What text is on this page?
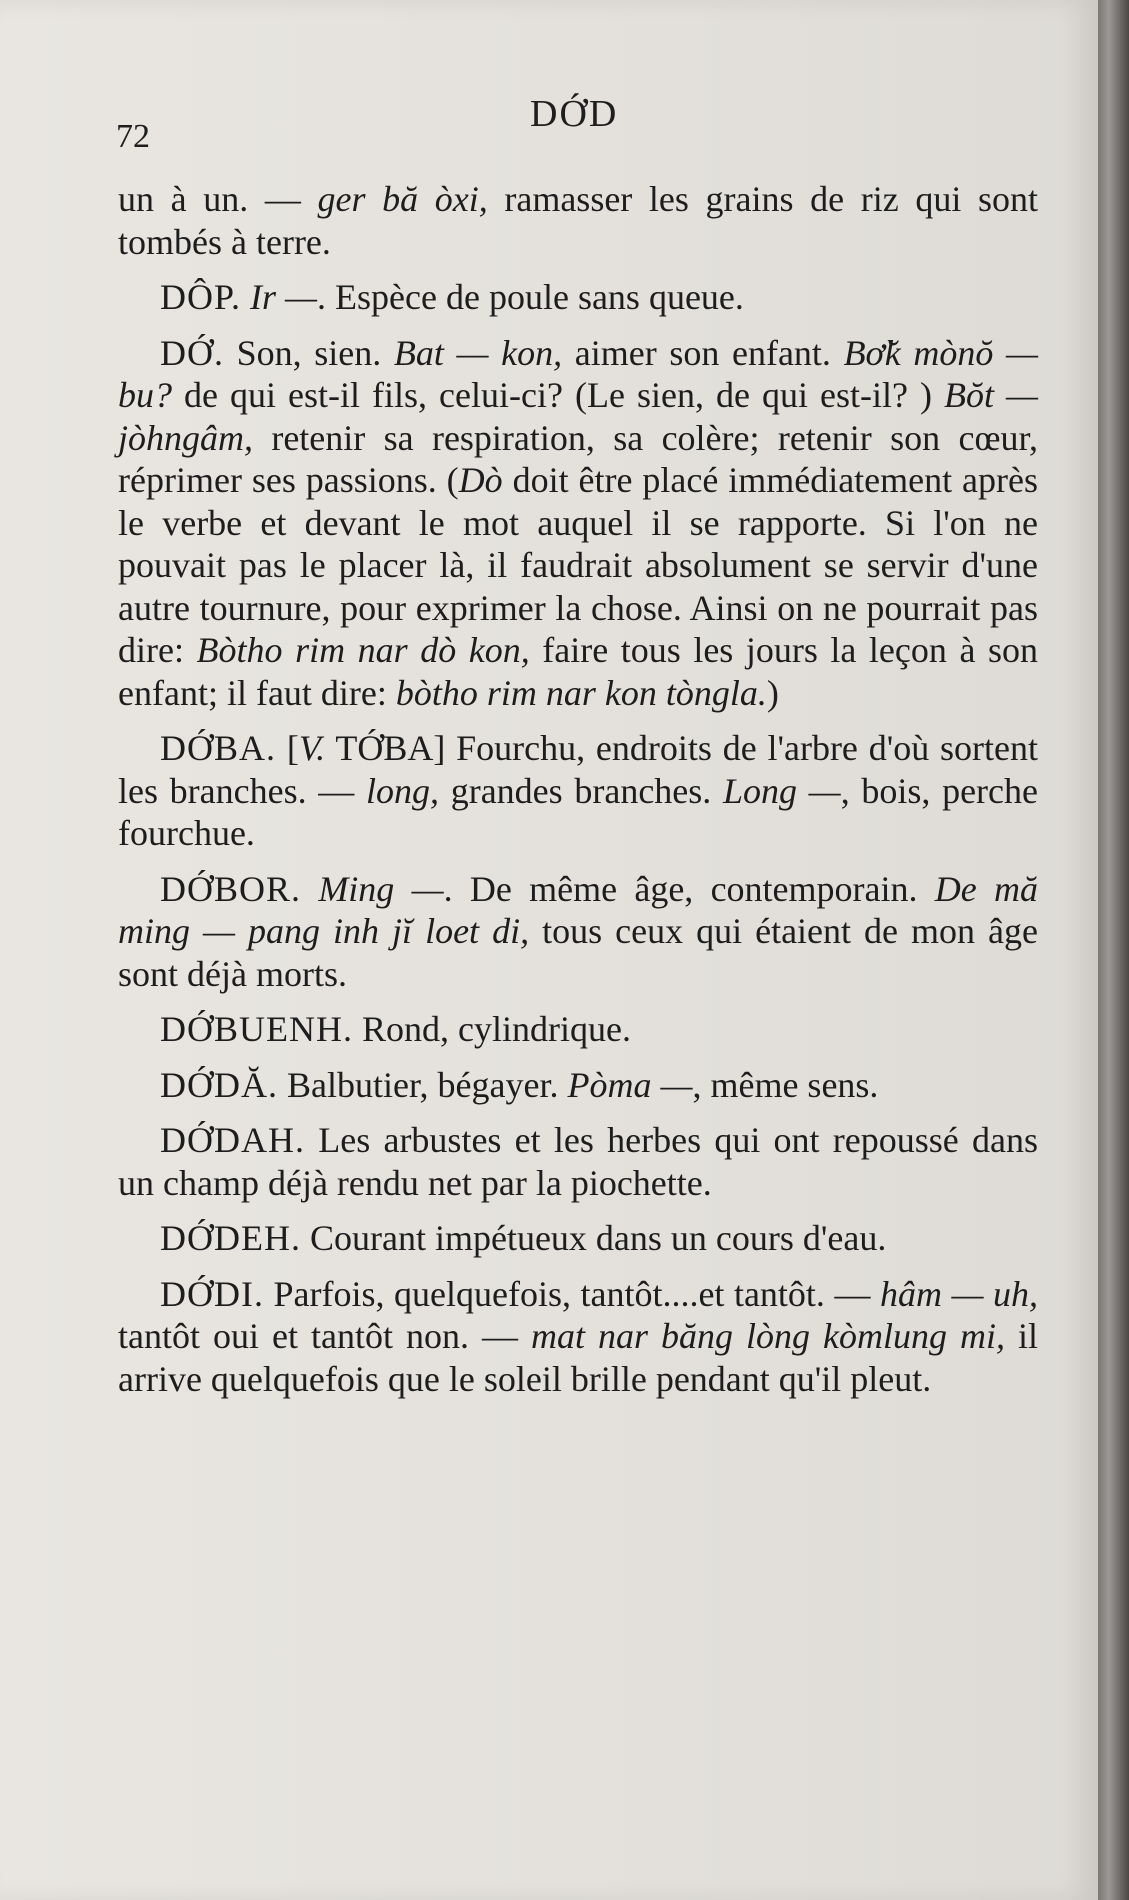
72
DỚD

un à un. — ger bă òxi, ramasser les grains de riz qui sont tombés à terre.

DÔP. Ir —. Espèce de poule sans queue.

DỚ. Son, sien. Bat — kon, aimer son enfant. Bơ̆k mònŏ — bu? de qui est-il fils, celui-ci? (Le sien, de qui est-il? ) Bŏt — jòhngâm, retenir sa respiration, sa colère; retenir son cœur, réprimer ses passions. (Dò doit être placé immédiatement après le verbe et devant le mot auquel il se rapporte. Si l'on ne pouvait pas le placer là, il faudrait absolument se servir d'une autre tournure, pour exprimer la chose. Ainsi on ne pourrait pas dire: Bòtho rim nar dò kon, faire tous les jours la leçon à son enfant; il faut dire: bòtho rim nar kon tòngla.)

DỚBA. [V. TỚBA] Fourchu, endroits de l'arbre d'où sortent les branches. — long, grandes branches. Long —, bois, perche fourchue.

DỚBOR. Ming —. De même âge, contemporain. De mă ming — pang inh jĭ loet di, tous ceux qui étaient de mon âge sont déjà morts.

DỚBUENH. Rond, cylindrique.

DỚDĂ. Balbutier, bégayer. Pòma —, même sens.

DỚDAH. Les arbustes et les herbes qui ont repoussé dans un champ déjà rendu net par la piochette.

DỚDEH. Courant impétueux dans un cours d'eau.

DỚDI. Parfois, quelquefois, tantôt....et tantôt. — hâm — uh, tantôt oui et tantôt non. — mat nar băng lòng kòmlung mi, il arrive quelquefois que le soleil brille pendant qu'il pleut.
